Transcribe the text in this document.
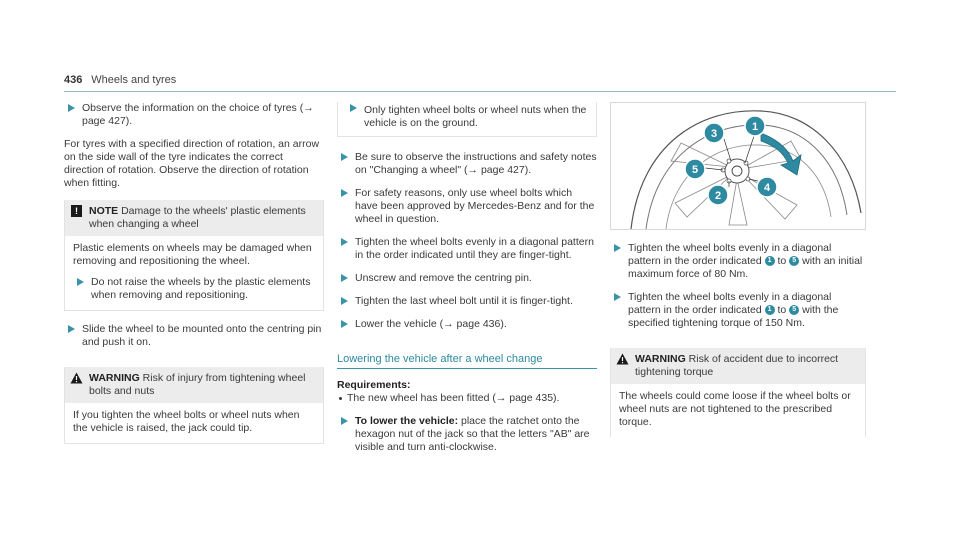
436 Wheels and tyres
Observe the information on the choice of tyres (→ page 427).

For tyres with a specified direction of rotation, an arrow on the side wall of the tyre indicates the correct direction of rotation. Observe the direction of rotation when fitting.

!	NOTE Damage to the wheels' plastic elements when changing a wheel

Plastic elements on wheels may be damaged when removing and repositioning the wheel.

Do not raise the wheels by the plastic elements when removing and repositioning.
Slide the wheel to be mounted onto the centring pin and push it on.
WARNING Risk of injury from tightening wheel bolts and nuts

If you tighten the wheel bolts or wheel nuts when the vehicle is raised, the jack could tip.

Only tighten wheel bolts or wheel nuts when the vehicle is on the ground.
Be sure to observe the instructions and safety notes on "Changing a wheel" (→ page 427).
For safety reasons, only use wheel bolts which have been approved by Mercedes-Benz and for the wheel in question.
Tighten the wheel bolts evenly in a diagonal pattern in the order indicated until they are finger-tight.
Unscrew and remove the centring pin.
Tighten the last wheel bolt until it is finger-tight.
Lower the vehicle (→ page 436).
Lowering the vehicle after a wheel change
Requirements:
The new wheel has been fitted (→ page 435).
To lower the vehicle: place the ratchet onto the hexagon nut of the jack so that the letters "AB" are visible and turn anti-clockwise.
3
1
5
2
4
Tighten the wheel bolts evenly in a diagonal pattern in the order indicated 1 to 5 with an initial maximum force of 80 Nm.
Tighten the wheel bolts evenly in a diagonal pattern in the order indicated 1 to 5 with the specified tightening torque of 150 Nm.
WARNING Risk of accident due to incorrect tightening torque

The wheels could come loose if the wheel bolts or wheel nuts are not tightened to the prescribed torque.
